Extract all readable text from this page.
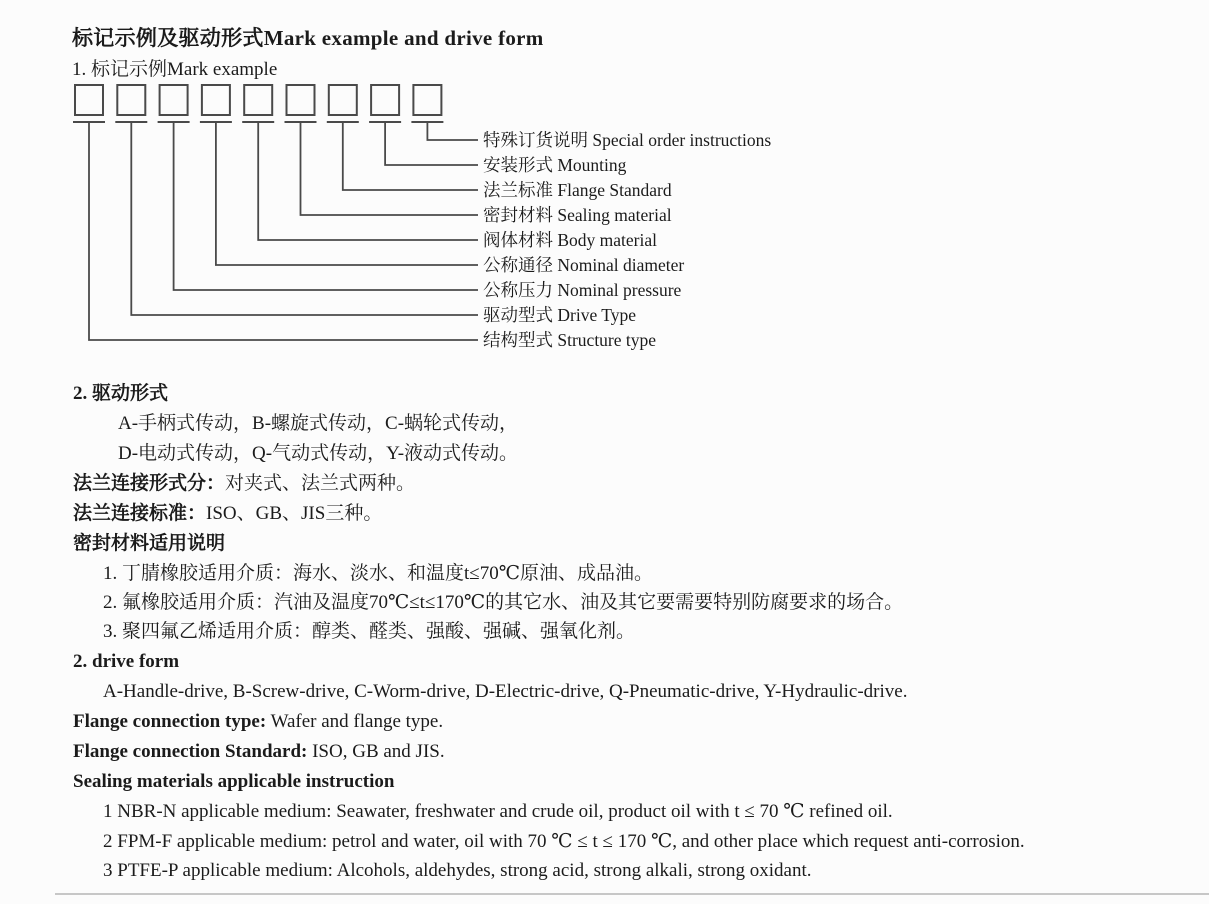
标记示例及驱动形式Mark example and drive form
1. 标记示例Mark example
特殊订货说明 Special order instructions
安装形式 Mounting
法兰标准 Flange Standard
密封材料 Sealing material
阀体材料 Body material
公称通径 Nominal diameter
公称压力 Nominal pressure
驱动型式 Drive Type
结构型式 Structure type
2. 驱动形式
A-手柄式传动，B-螺旋式传动，C-蜗轮式传动，
D-电动式传动，Q-气动式传动，Y-液动式传动。
法兰连接形式分：对夹式、法兰式两种。
法兰连接标准：ISO、GB、JIS三种。
密封材料适用说明
1. 丁腈橡胶适用介质：海水、淡水、和温度t≤70℃原油、成品油。
2. 氟橡胶适用介质：汽油及温度70℃≤t≤170℃的其它水、油及其它要需要特别防腐要求的场合。
3. 聚四氟乙烯适用介质：醇类、醛类、强酸、强碱、强氧化剂。
2. drive form
A-Handle-drive, B-Screw-drive, C-Worm-drive, D-Electric-drive, Q-Pneumatic-drive, Y-Hydraulic-drive.
Flange connection type: Wafer and flange type.
Flange connection Standard: ISO, GB and JIS.
Sealing materials applicable instruction
1 NBR-N applicable medium: Seawater, freshwater and crude oil, product oil with t ≤ 70 ℃ refined oil.
2 FPM-F applicable medium: petrol and water, oil with 70 ℃ ≤ t ≤ 170 ℃, and other place which request anti-corrosion.
3 PTFE-P applicable medium: Alcohols, aldehydes, strong acid, strong alkali, strong oxidant.
